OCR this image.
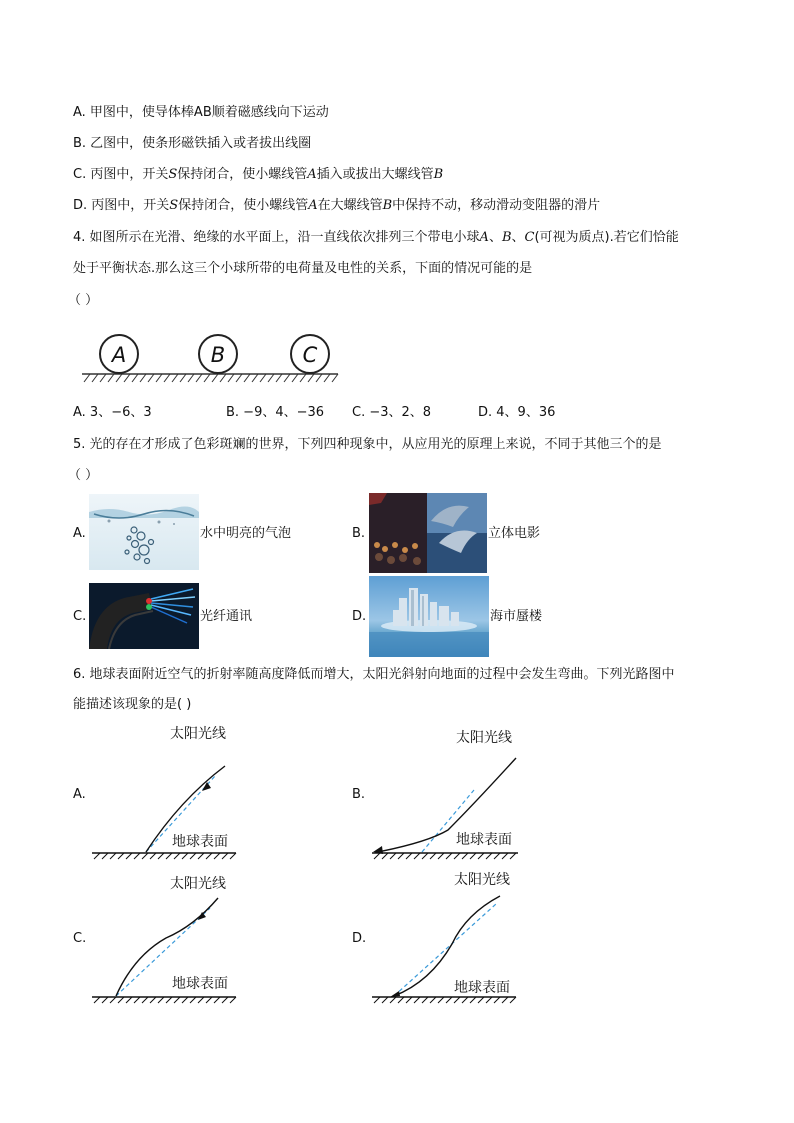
A. 甲图中，使导体棒AB顺着磁感线向下运动
B. 乙图中，使条形磁铁插入或者拔出线圈
C. 丙图中，开关S保持闭合，使小螺线管A插入或拔出大螺线管B
D. 丙图中，开关S保持闭合，使小螺线管A在大螺线管B中保持不动，移动滑动变阻器的滑片
4. 如图所示在光滑、绝缘的水平面上，沿一直线依次排列三个带电小球A、B、C(可视为质点).若它们恰能
处于平衡状态.那么这三个小球所带的电荷量及电性的关系，下面的情况可能的是
（ ）
A	B	C
A. 3、−6、3	B. −9、4、−36 C. −3、2、8	D. 4、9、36
5. 光的存在才形成了色彩斑斓的世界，下列四种现象中，从应用光的原理上来说，不同于其他三个的是
（ ）
A.	水中明亮的气泡	B.	立体电影
C.	光纤通讯	D.	海市蜃楼
6. 地球表面附近空气的折射率随高度降低而增大，太阳光斜射向地面的过程中会发生弯曲。下列光路图中
能描述该现象的是( )
A.
太阳光线
地球表面
B.
太阳光线
地球表面
C.
太阳光线
地球表面
D.
太阳光线
地球表面
